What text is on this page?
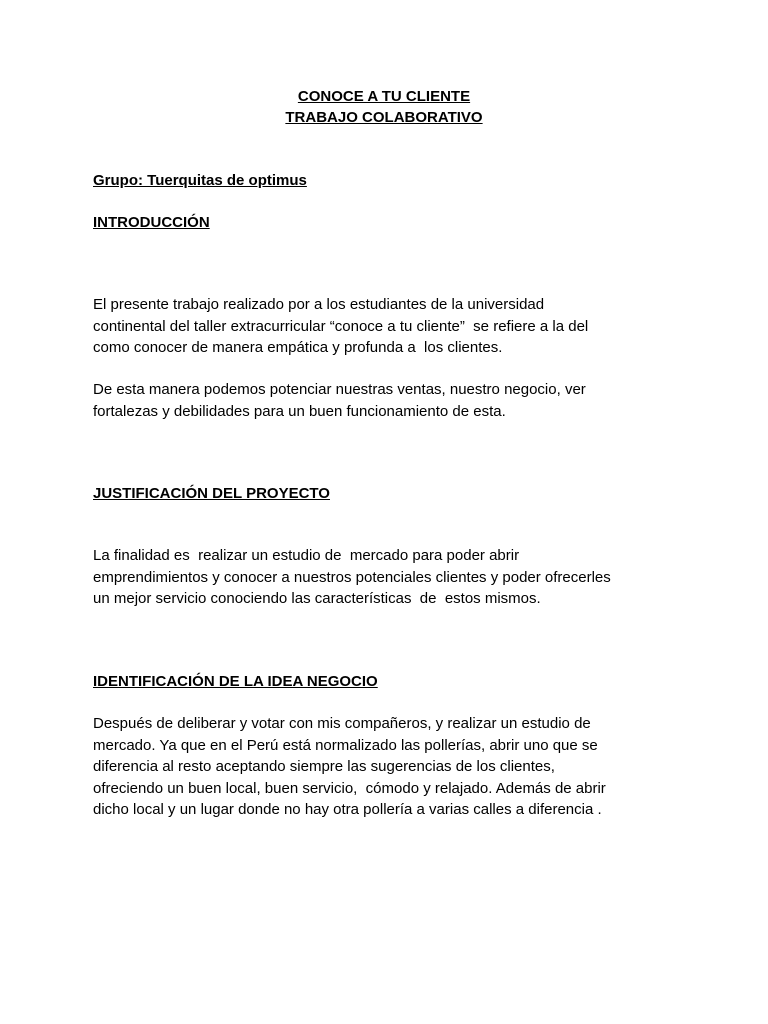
CONOCE A TU CLIENTE
TRABAJO COLABORATIVO
Grupo: Tuerquitas de optimus
INTRODUCCIÓN
El presente trabajo realizado por a los estudiantes de la universidad
continental del taller extracurricular “conoce a tu cliente”  se refiere a la del
como conocer de manera empática y profunda a  los clientes.
De esta manera podemos potenciar nuestras ventas, nuestro negocio, ver
fortalezas y debilidades para un buen funcionamiento de esta.
JUSTIFICACIÓN DEL PROYECTO
La finalidad es  realizar un estudio de  mercado para poder abrir
emprendimientos y conocer a nuestros potenciales clientes y poder ofrecerles
un mejor servicio conociendo las características  de  estos mismos.
IDENTIFICACIÓN DE LA IDEA NEGOCIO
Después de deliberar y votar con mis compañeros, y realizar un estudio de
mercado. Ya que en el Perú está normalizado las pollerías, abrir uno que se
diferencia al resto aceptando siempre las sugerencias de los clientes,
ofreciendo un buen local, buen servicio,  cómodo y relajado. Además de abrir
dicho local y un lugar donde no hay otra pollería a varias calles a diferencia .
